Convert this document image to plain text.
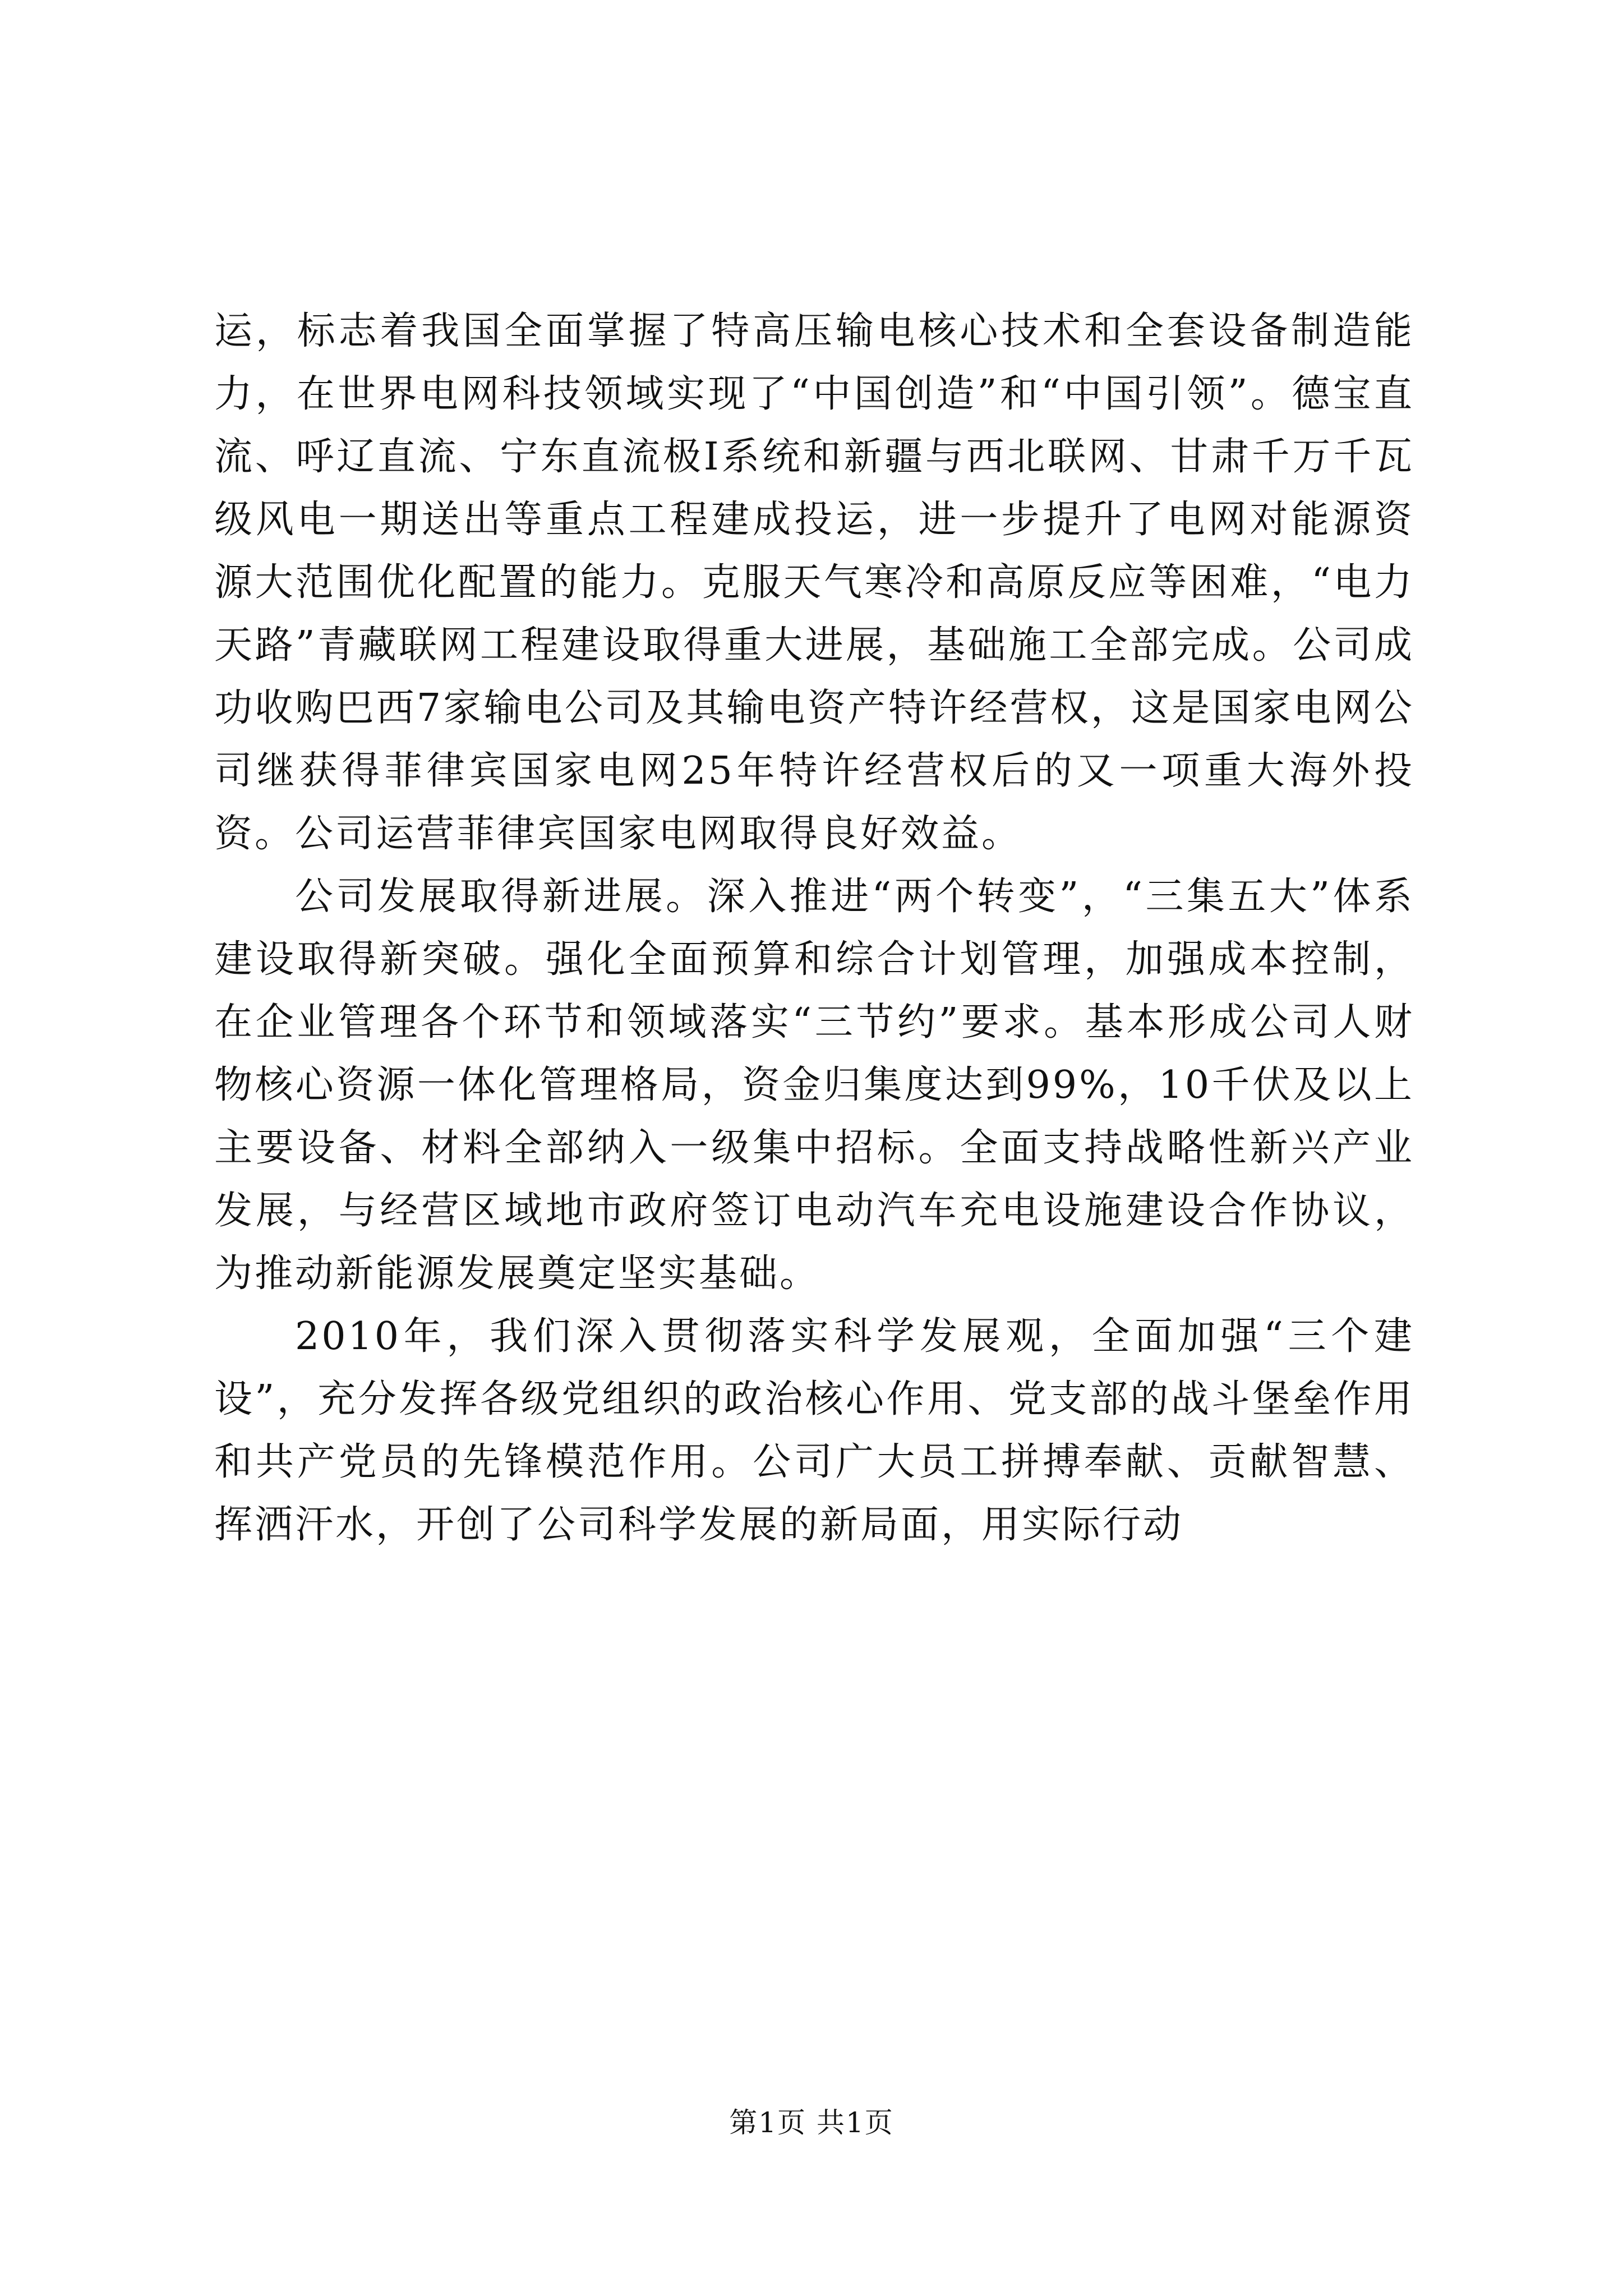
运，标志着我国全面掌握了特高压输电核心技术和全套设备制造能力，在世界电网科技领域实现了“中国创造”和“中国引领”。德宝直流、呼辽直流、宁东直流极Ⅰ系统和新疆与西北联网、甘肃千万千瓦级风电一期送出等重点工程建成投运，进一步提升了电网对能源资源大范围优化配置的能力。克服天气寒冷和高原反应等困难，“电力天路”青藏联网工程建设取得重大进展，基础施工全部完成。公司成功收购巴西7家输电公司及其输电资产特许经营权，这是国家电网公司继获得菲律宾国家电网25年特许经营权后的又一项重大海外投资。公司运营菲律宾国家电网取得良好效益。

公司发展取得新进展。深入推进“两个转变”，“三集五大”体系建设取得新突破。强化全面预算和综合计划管理，加强成本控制，在企业管理各个环节和领域落实“三节约”要求。基本形成公司人财物核心资源一体化管理格局，资金归集度达到99%，10千伏及以上主要设备、材料全部纳入一级集中招标。全面支持战略性新兴产业发展，与经营区域地市政府签订电动汽车充电设施建设合作协议，为推动新能源发展奠定坚实基础。

2010年，我们深入贯彻落实科学发展观，全面加强“三个建设”，充分发挥各级党组织的政治核心作用、党支部的战斗堡垒作用和共产党员的先锋模范作用。公司广大员工拼搏奉献、贡献智慧、挥洒汗水，开创了公司科学发展的新局面，用实际行动

第1页 共1页
